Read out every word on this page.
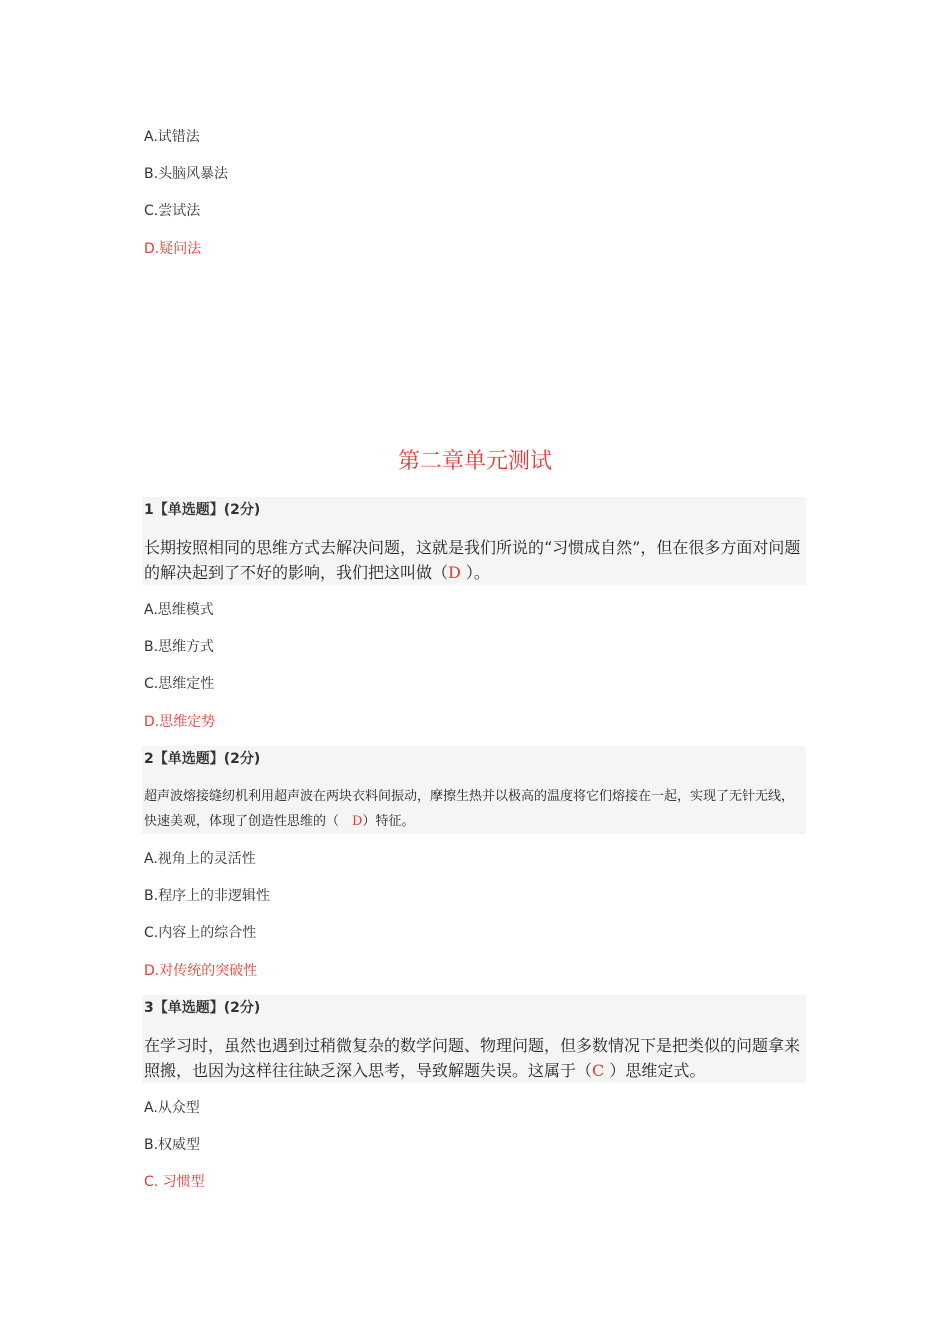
A.试错法
B.头脑风暴法
C.尝试法
D.疑问法
第二章单元测试
1【单选题】(2分)
长期按照相同的思维方式去解决问题，这就是我们所说的“习惯成自然”，但在很多方面对问题的解决起到了不好的影响，我们把这叫做（D ）。
A.思维模式
B.思维方式
C.思维定性
D.思维定势
2【单选题】(2分)
超声波熔接缝纫机利用超声波在两块衣料间振动，摩擦生热并以极高的温度将它们熔接在一起，实现了无针无线，快速美观，体现了创造性思维的（　D）特征。
A.视角上的灵活性
B.程序上的非逻辑性
C.内容上的综合性
D.对传统的突破性
3【单选题】(2分)
在学习时，虽然也遇到过稍微复杂的数学问题、物理问题，但多数情况下是把类似的问题拿来照搬，也因为这样往往缺乏深入思考，导致解题失误。这属于（C ）思维定式。
A.从众型
B.权威型
C. 习惯型
